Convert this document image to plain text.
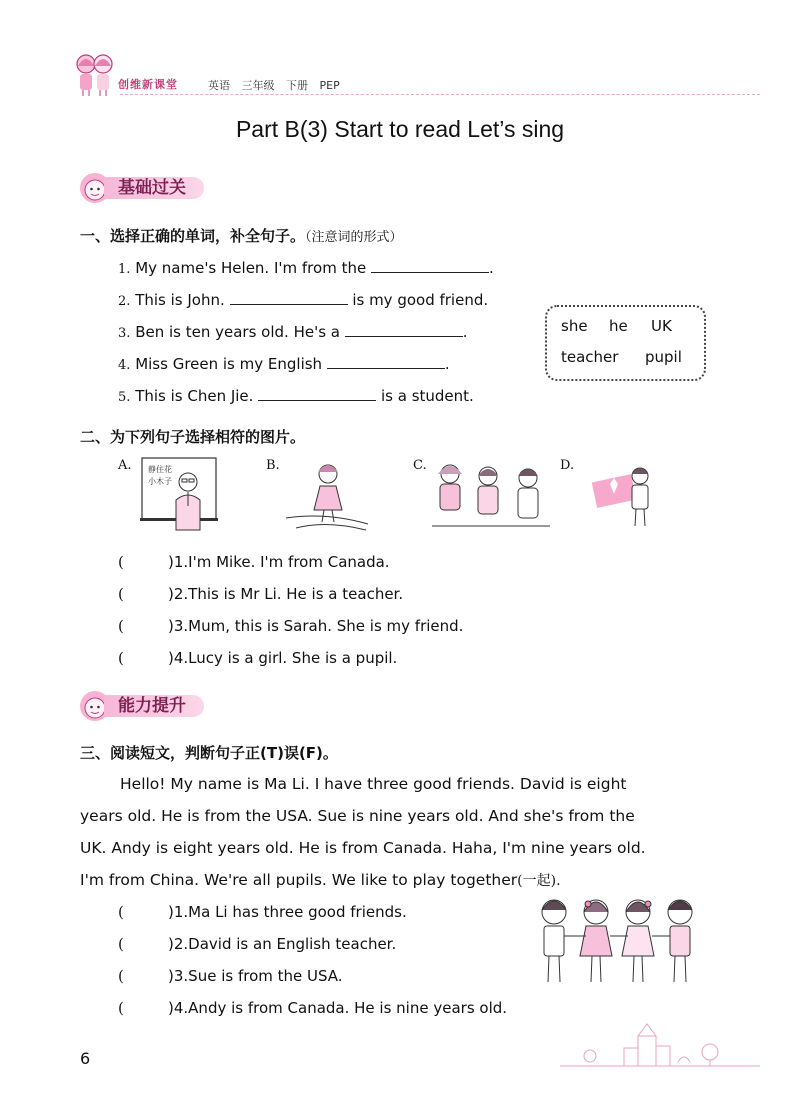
创维新课堂	英语 三年级 下册 PEP
Part B(3) Start to read Let’s sing
基础过关
一、选择正确的单词，补全句子。（注意词的形式）
1. My name's Helen. I'm from the	.
2. This is John.	is my good friend.
3. Ben is ten years old. He's a	.
4. Miss Green is my English	.
5. This is Chen Jie.	is a student.
she he UK
teacher pupil
二、为下列句子选择相符的图片。
A. 静住花
小木子
B.	C.	D.
(	)1.I'm Mike. I'm from Canada.
(	)2.This is Mr Li. He is a teacher.
(	)3.Mum, this is Sarah. She is my friend.
(	)4.Lucy is a girl. She is a pupil.
能力提升
三、阅读短文，判断句子正(T)误(F)。
Hello! My name is Ma Li. I have three good friends. David is eight
years old. He is from the USA. Sue is nine years old. And she's from the
UK. Andy is eight years old. He is from Canada. Haha, I'm nine years old.
I'm from China. We're all pupils. We like to play together(一起).
(	)1.Ma Li has three good friends.
(	)2.David is an English teacher.
(	)3.Sue is from the USA.
(	)4.Andy is from Canada. He is nine years old.
6
